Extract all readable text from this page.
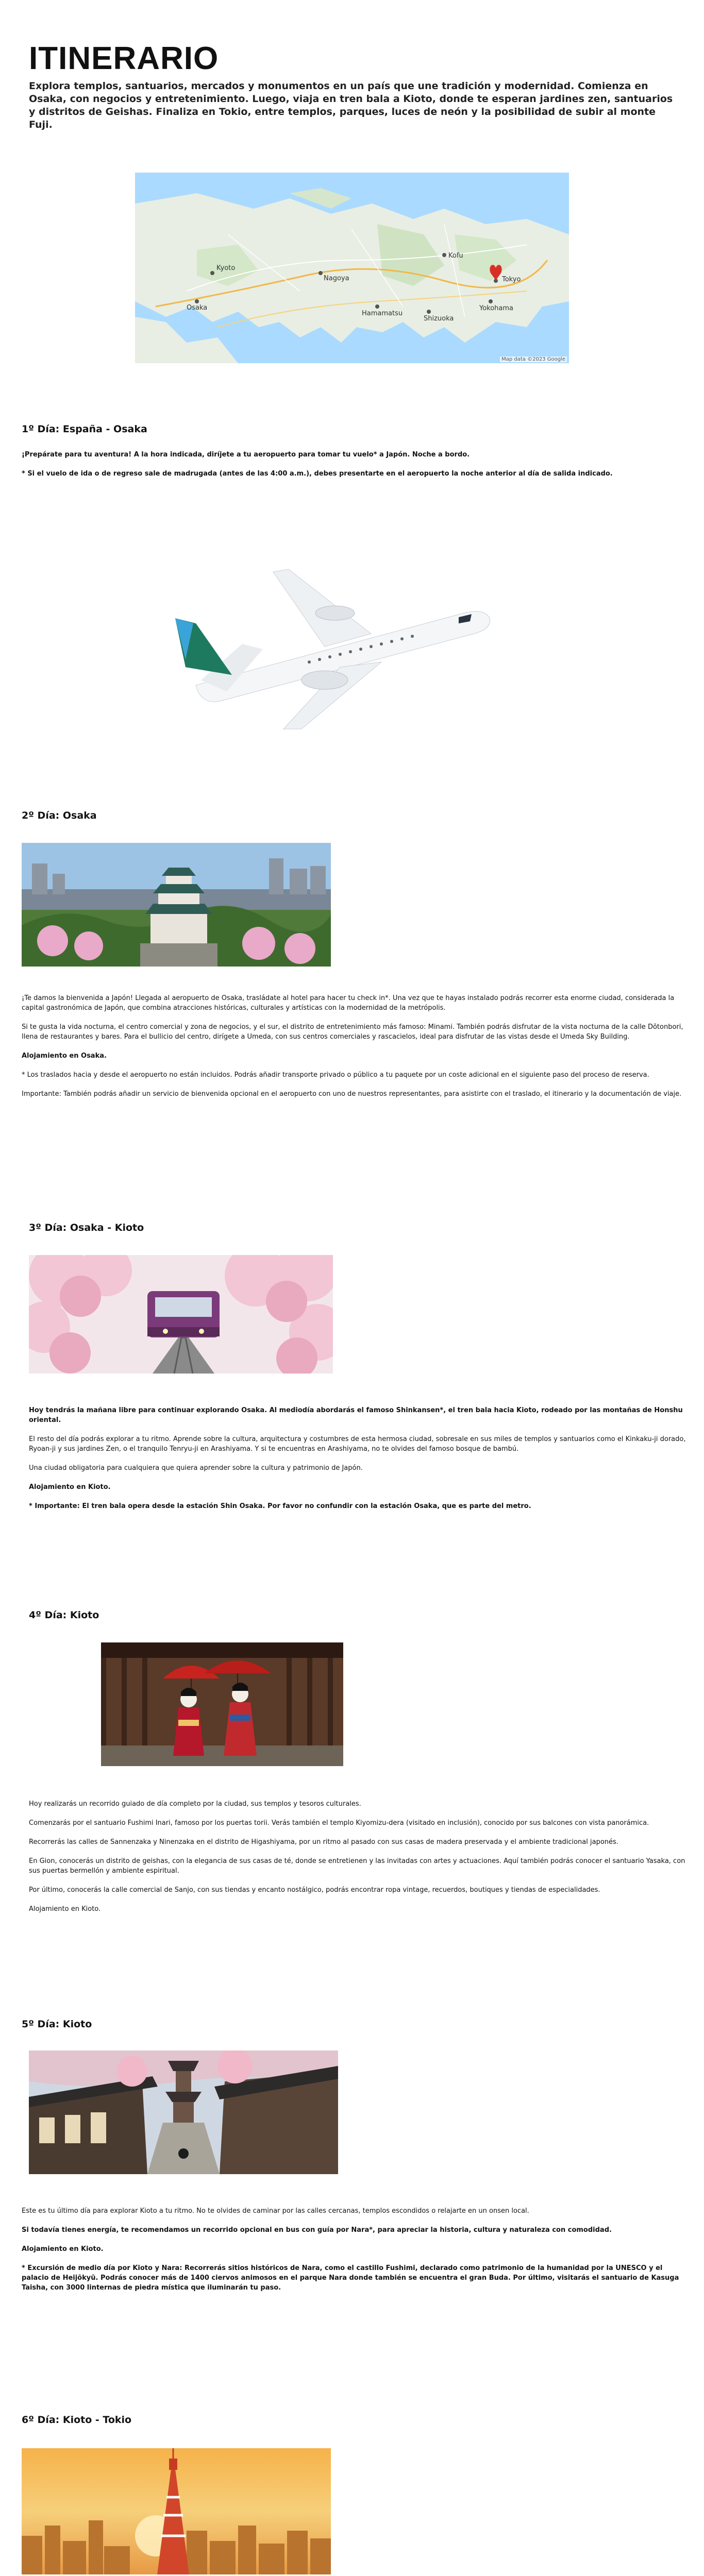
ITINERARIO
Explora templos, santuarios, mercados y monumentos en un país que une tradición y modernidad. Comienza en Osaka, con negocios y entretenimiento. Luego, viaja en tren bala a Kioto, donde te esperan jardines zen, santuarios y distritos de Geishas. Finaliza en Tokio, entre templos, parques, luces de neón y la posibilidad de subir al monte Fuji.
Kyoto
Osaka
Nagoya	Tokyo
Yokohama
Hamamatsu
Shizuoka
Kofu
Map data ©2023 Google
1º Día: España - Osaka

¡Prepárate para tu aventura! A la hora indicada, diríjete a tu aeropuerto para tomar tu vuelo* a Japón. Noche a bordo.

* Si el vuelo de ida o de regreso sale de madrugada (antes de las 4:00 a.m.), debes presentarte en el aeropuerto la noche anterior al día de salida indicado.

2º Día: Osaka

¡Te damos la bienvenida a Japón! Llegada al aeropuerto de Osaka, trasládate al hotel para hacer tu check in*. Una vez que te hayas instalado podrás recorrer esta enorme ciudad, considerada la capital gastronómica de Japón, que combina atracciones históricas, culturales y artísticas con la modernidad de la metrópolis.

Si te gusta la vida nocturna, el centro comercial y zona de negocios, y el sur, el distrito de entretenimiento más famoso: Minami. También podrás disfrutar de la vista nocturna de la calle Dōtonbori, llena de restaurantes y bares. Para el bullicio del centro, dirígete a Umeda, con sus centros comerciales y rascacielos, ideal para disfrutar de las vistas desde el Umeda Sky Building.

Alojamiento en Osaka.

* Los traslados hacia y desde el aeropuerto no están incluidos. Podrás añadir transporte privado o público a tu paquete por un coste adicional en el siguiente paso del proceso de reserva.

Importante: También podrás añadir un servicio de bienvenida opcional en el aeropuerto con uno de nuestros representantes, para asistirte con el traslado, el itinerario y la documentación de viaje.

3º Día: Osaka - Kioto

Hoy tendrás la mañana libre para continuar explorando Osaka. Al mediodía abordarás el famoso Shinkansen*, el tren bala hacia Kioto, rodeado por las montañas de Honshu oriental.

El resto del día podrás explorar a tu ritmo. Aprende sobre la cultura, arquitectura y costumbres de esta hermosa ciudad, sobresale en sus miles de templos y santuarios como el Kinkaku-ji dorado, Ryoan-ji y sus jardines Zen, o el tranquilo Tenryu-ji en Arashiyama. Y si te encuentras en Arashiyama, no te olvides del famoso bosque de bambú.

Una ciudad obligatoria para cualquiera que quiera aprender sobre la cultura y patrimonio de Japón.

Alojamiento en Kioto.

* Importante: El tren bala opera desde la estación Shin Osaka. Por favor no confundir con la estación Osaka, que es parte del metro.

4º Día: Kioto

Hoy realizarás un recorrido guiado de día completo por la ciudad, sus templos y tesoros culturales.

Comenzarás por el santuario Fushimi Inari, famoso por los puertas torii. Verás también el templo Kiyomizu-dera (visitado en inclusión), conocido por sus balcones con vista panorámica.

Recorrerás las calles de Sannenzaka y Ninenzaka en el distrito de Higashiyama, por un ritmo al pasado con sus casas de madera preservada y el ambiente tradicional japonés.

En Gion, conocerás un distrito de geishas, con la elegancia de sus casas de té, donde se entretienen y las invitadas con artes y actuaciones. Aquí también podrás conocer el santuario Yasaka, con sus puertas bermellón y ambiente espiritual.

Por último, conocerás la calle comercial de Sanjo, con sus tiendas y encanto nostálgico, podrás encontrar ropa vintage, recuerdos, boutiques y tiendas de especialidades.

Alojamiento en Kioto.

5º Día: Kioto

Este es tu último día para explorar Kioto a tu ritmo. No te olvides de caminar por las calles cercanas, templos escondidos o relajarte en un onsen local.

Si todavía tienes energía, te recomendamos un recorrido opcional en bus con guía por Nara*, para apreciar la historia, cultura y naturaleza con comodidad.

Alojamiento en Kioto.

* Excursión de medio día por Kioto y Nara: Recorrerás sitios históricos de Nara, como el castillo Fushimi, declarado como patrimonio de la humanidad por la UNESCO y el palacio de Heijōkyū. Podrás conocer más de 1400 ciervos animosos en el parque Nara donde también se encuentra el gran Buda. Por último, visitarás el santuario de Kasuga Taisha, con 3000 linternas de piedra mística que iluminarán tu paso.

6º Día: Kioto - Tokio
